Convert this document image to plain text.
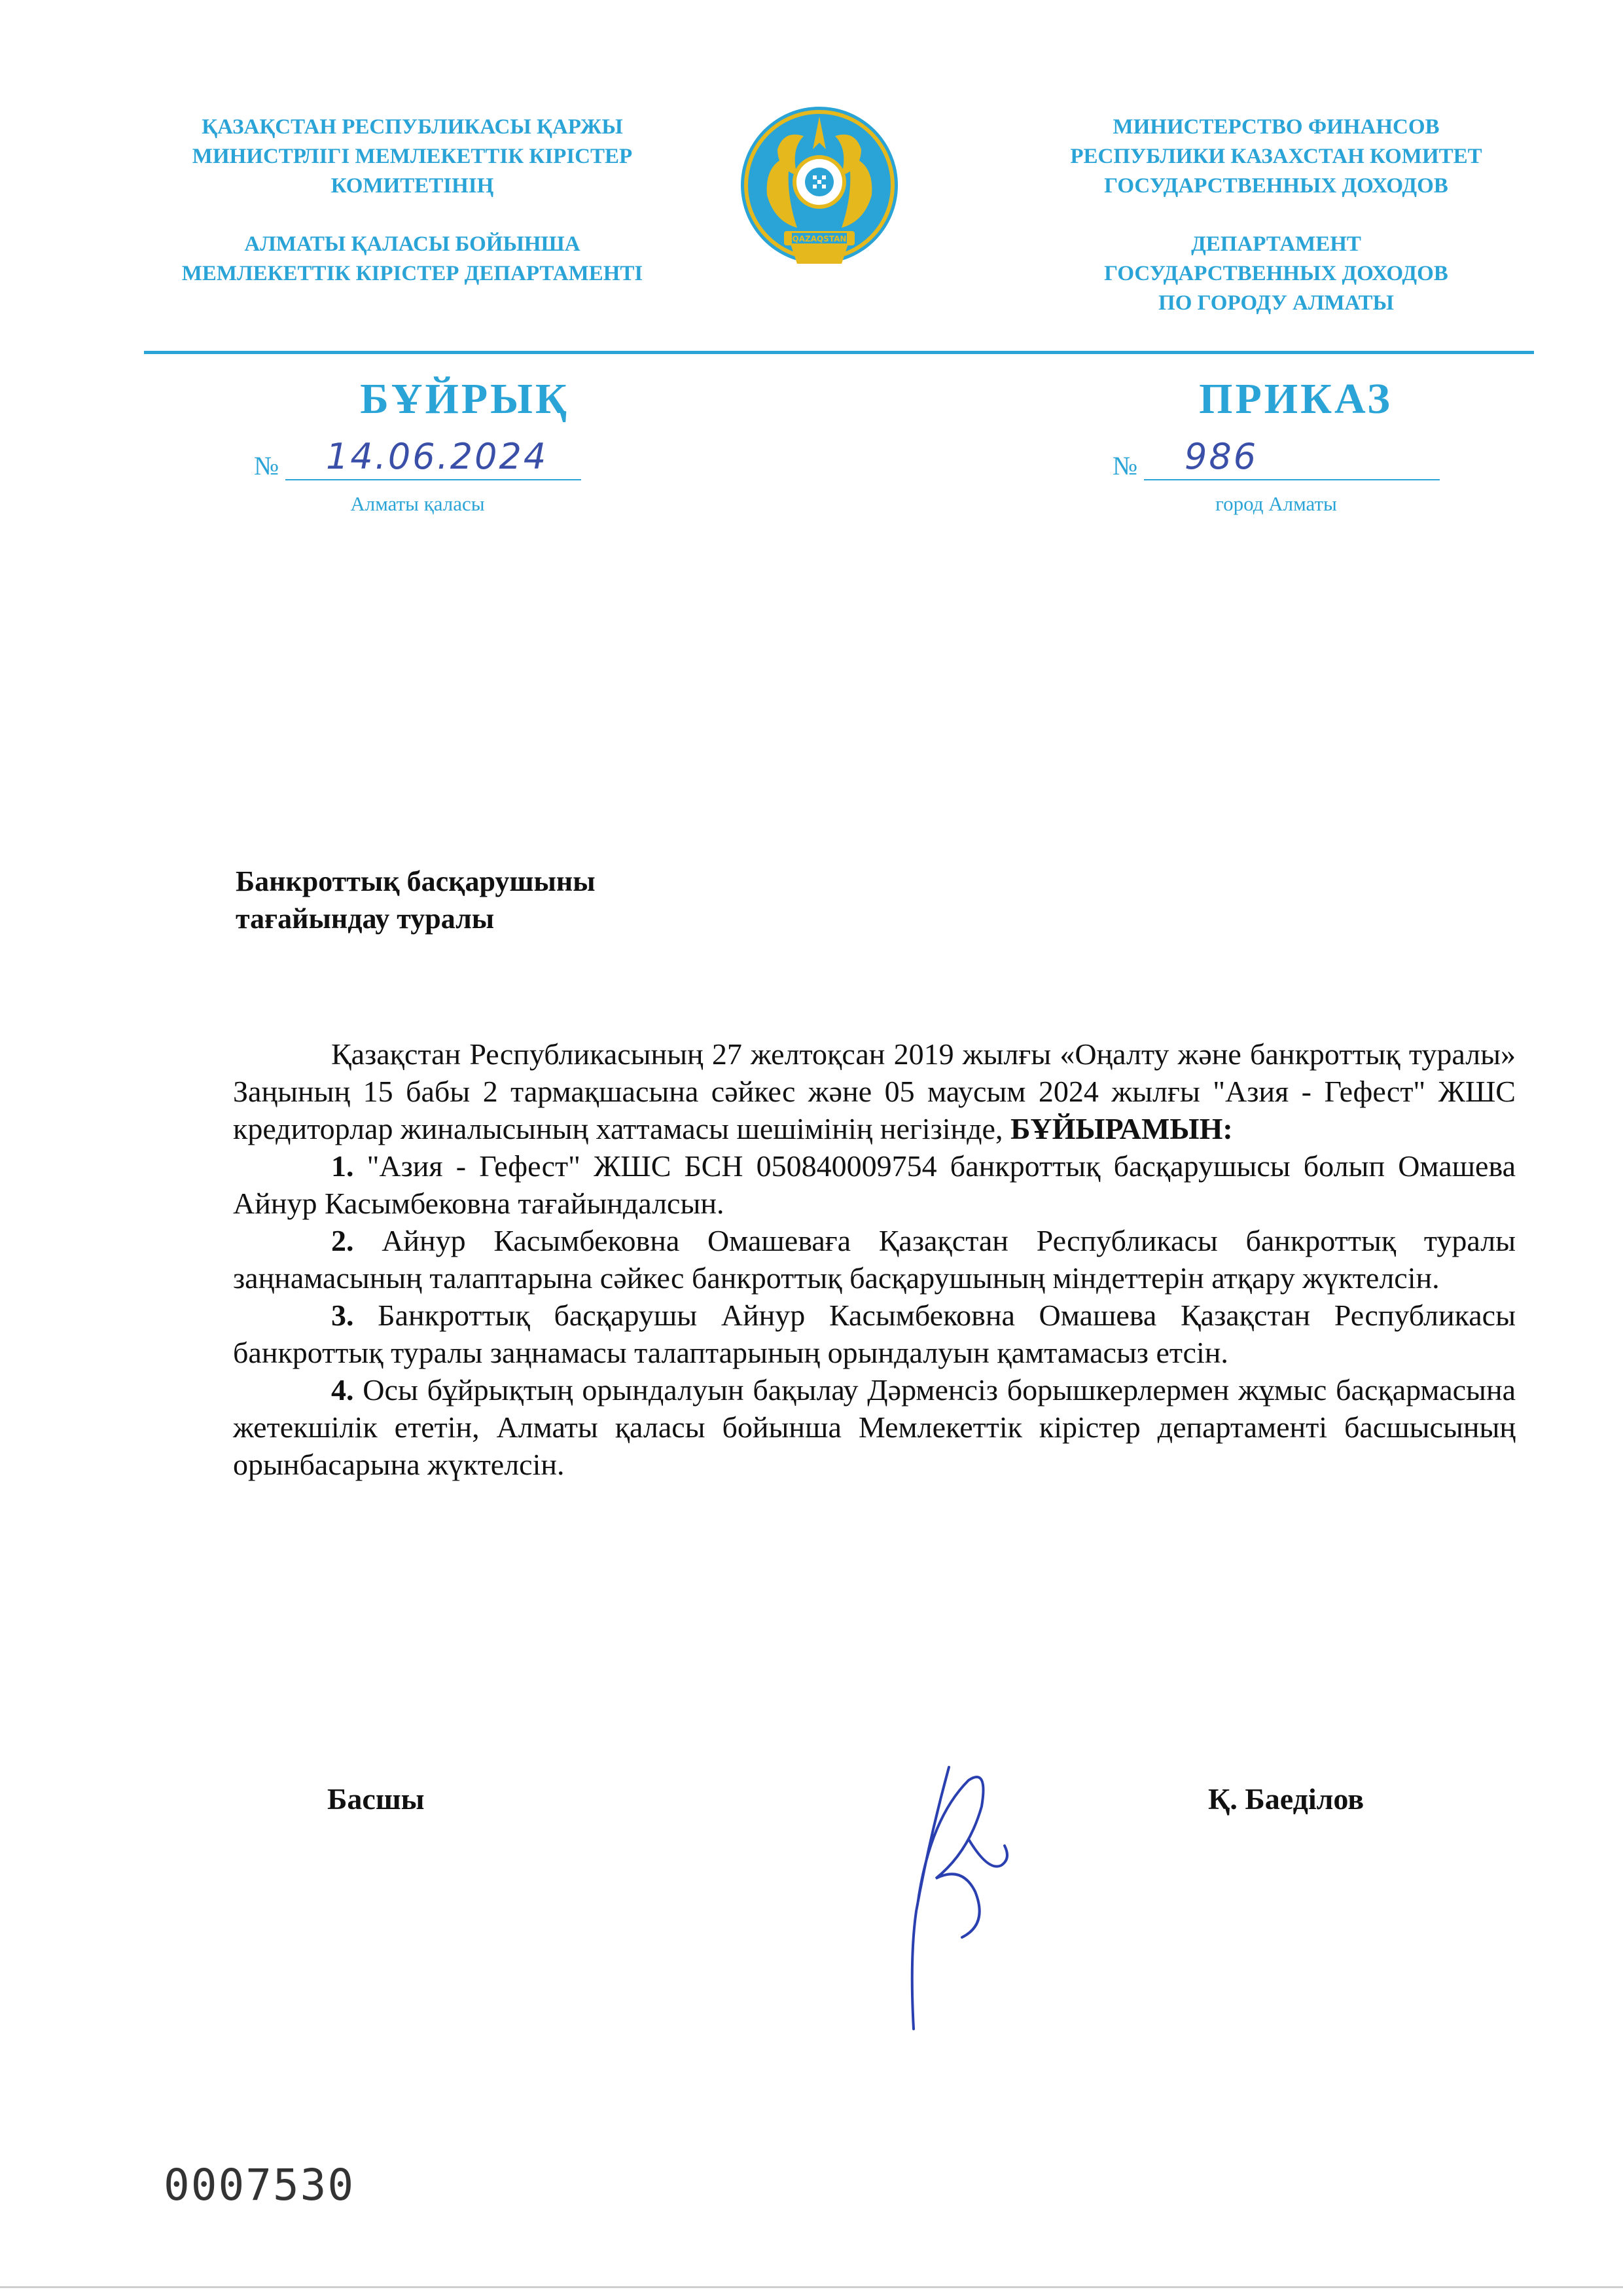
ҚАЗАҚСТАН РЕСПУБЛИКАСЫ ҚАРЖЫ
МИНИСТРЛІГІ МЕМЛЕКЕТТІК КІРІСТЕР
КОМИТЕТІНІҢ
АЛМАТЫ ҚАЛАСЫ БОЙЫНША
МЕМЛЕКЕТТІК КІРІСТЕР ДЕПАРТАМЕНТІ
QAZAQSTAN
МИНИСТЕРСТВО ФИНАНСОВ
РЕСПУБЛИКИ КАЗАХСТАН КОМИТЕТ
ГОСУДАРСТВЕННЫХ ДОХОДОВ
ДЕПАРТАМЕНТ
ГОСУДАРСТВЕННЫХ ДОХОДОВ
ПО ГОРОДУ АЛМАТЫ
БҰЙРЫҚ	ПРИКАЗ
№ 14.06.2024	№ 986
Алматы қаласы	город Алматы
Банкроттық басқарушыны
тағайындау туралы

Қазақстан Республикасының 27 желтоқсан 2019 жылғы «Оңалту және банкроттық туралы» Заңының 15 бабы 2 тармақшасына сәйкес және 05 маусым 2024 жылғы "Азия - Гефест" ЖШС кредиторлар жиналысының хаттамасы шешімінің негізінде, БҰЙЫРАМЫН:

1. "Азия - Гефест" ЖШС БСН 050840009754 банкроттық басқарушысы болып Омашева Айнур Касымбековна тағайындалсын.

2. Айнур Касымбековна Омашеваға Қазақстан Республикасы банкроттық туралы заңнамасының талаптарына сәйкес банкроттық басқарушының міндеттерін атқару жүктелсін.

3. Банкроттық басқарушы Айнур Касымбековна Омашева Қазақстан Республикасы банкроттық туралы заңнамасы талаптарының орындалуын қамтамасыз етсін.

4. Осы бұйрықтың орындалуын бақылау Дәрменсіз борышкерлермен жұмыс басқармасына жетекшілік ететін, Алматы қаласы бойынша Мемлекеттік кірістер департаменті басшысының орынбасарына жүктелсін.

Басшы	Қ. Баеділов
0007530
